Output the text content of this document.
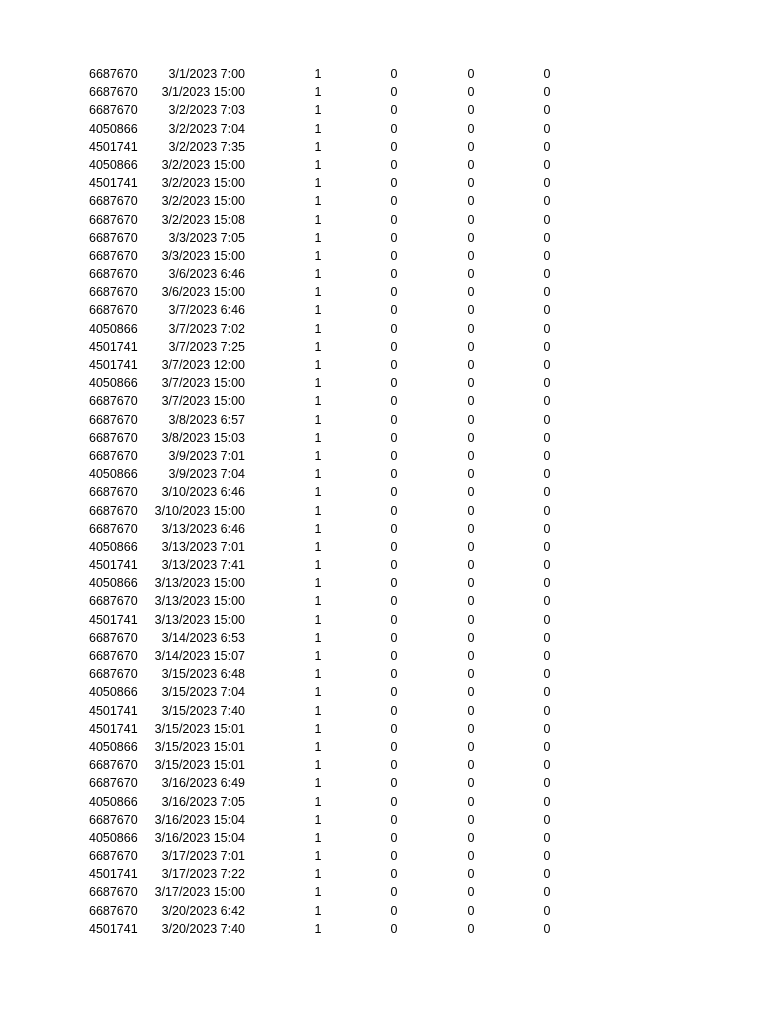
6687670	3/1/2023 7:00	1	0	0	0
6687670	3/1/2023 15:00	1	0	0	0
6687670	3/2/2023 7:03	1	0	0	0
4050866	3/2/2023 7:04	1	0	0	0
4501741	3/2/2023 7:35	1	0	0	0
4050866	3/2/2023 15:00	1	0	0	0
4501741	3/2/2023 15:00	1	0	0	0
6687670	3/2/2023 15:00	1	0	0	0
6687670	3/2/2023 15:08	1	0	0	0
6687670	3/3/2023 7:05	1	0	0	0
6687670	3/3/2023 15:00	1	0	0	0
6687670	3/6/2023 6:46	1	0	0	0
6687670	3/6/2023 15:00	1	0	0	0
6687670	3/7/2023 6:46	1	0	0	0
4050866	3/7/2023 7:02	1	0	0	0
4501741	3/7/2023 7:25	1	0	0	0
4501741	3/7/2023 12:00	1	0	0	0
4050866	3/7/2023 15:00	1	0	0	0
6687670	3/7/2023 15:00	1	0	0	0
6687670	3/8/2023 6:57	1	0	0	0
6687670	3/8/2023 15:03	1	0	0	0
6687670	3/9/2023 7:01	1	0	0	0
4050866	3/9/2023 7:04	1	0	0	0
6687670	3/10/2023 6:46	1	0	0	0
6687670	3/10/2023 15:00	1	0	0	0
6687670	3/13/2023 6:46	1	0	0	0
4050866	3/13/2023 7:01	1	0	0	0
4501741	3/13/2023 7:41	1	0	0	0
4050866	3/13/2023 15:00	1	0	0	0
6687670	3/13/2023 15:00	1	0	0	0
4501741	3/13/2023 15:00	1	0	0	0
6687670	3/14/2023 6:53	1	0	0	0
6687670	3/14/2023 15:07	1	0	0	0
6687670	3/15/2023 6:48	1	0	0	0
4050866	3/15/2023 7:04	1	0	0	0
4501741	3/15/2023 7:40	1	0	0	0
4501741	3/15/2023 15:01	1	0	0	0
4050866	3/15/2023 15:01	1	0	0	0
6687670	3/15/2023 15:01	1	0	0	0
6687670	3/16/2023 6:49	1	0	0	0
4050866	3/16/2023 7:05	1	0	0	0
6687670	3/16/2023 15:04	1	0	0	0
4050866	3/16/2023 15:04	1	0	0	0
6687670	3/17/2023 7:01	1	0	0	0
4501741	3/17/2023 7:22	1	0	0	0
6687670	3/17/2023 15:00	1	0	0	0
6687670	3/20/2023 6:42	1	0	0	0
4501741	3/20/2023 7:40	1	0	0	0
